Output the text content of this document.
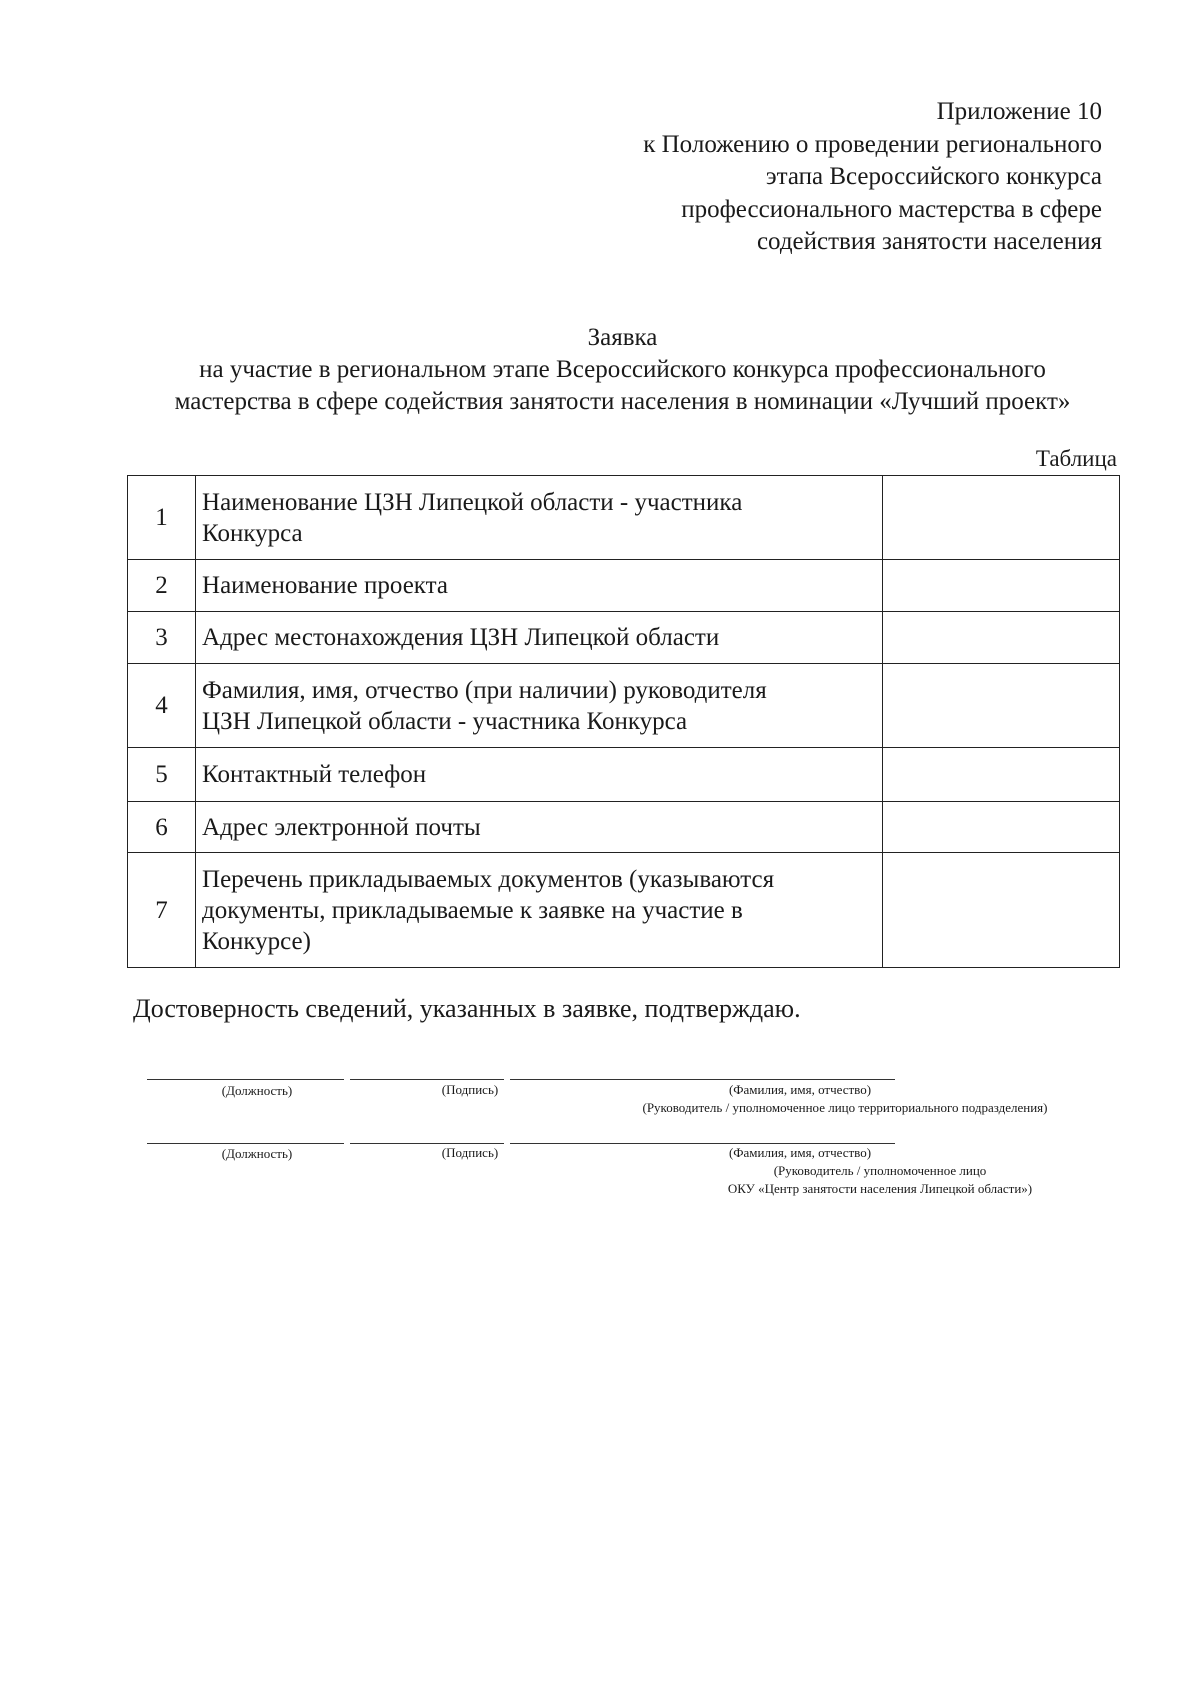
Приложение 10
к Положению о проведении регионального
этапа Всероссийского конкурса
профессионального мастерства в сфере
содействия занятости населения
Заявка
на участие в региональном этапе Всероссийского конкурса профессионального
мастерства в сфере содействия занятости населения в номинации «Лучший проект»
Таблица
1	Наименование ЦЗН Липецкой области - участника
Конкурса	

2	Наименование проекта	

3	Адрес местонахождения ЦЗН Липецкой области	

4	Фамилия, имя, отчество (при наличии) руководителя
ЦЗН Липецкой области - участника Конкурса	

5	Контактный телефон	

6	Адрес электронной почты	

7	Перечень прикладываемых документов (указываются
документы, прикладываемые к заявке на участие в
Конкурсе)	

Достоверность сведений, указанных в заявке, подтверждаю.
(Должность)	(Подпись)	(Фамилия, имя, отчество)
(Руководитель / уполномоченное лицо территориального подразделения)
(Должность)	(Подпись)	(Фамилия, имя, отчество)
(Руководитель / уполномоченное лицо
ОКУ «Центр занятости населения Липецкой области»)
